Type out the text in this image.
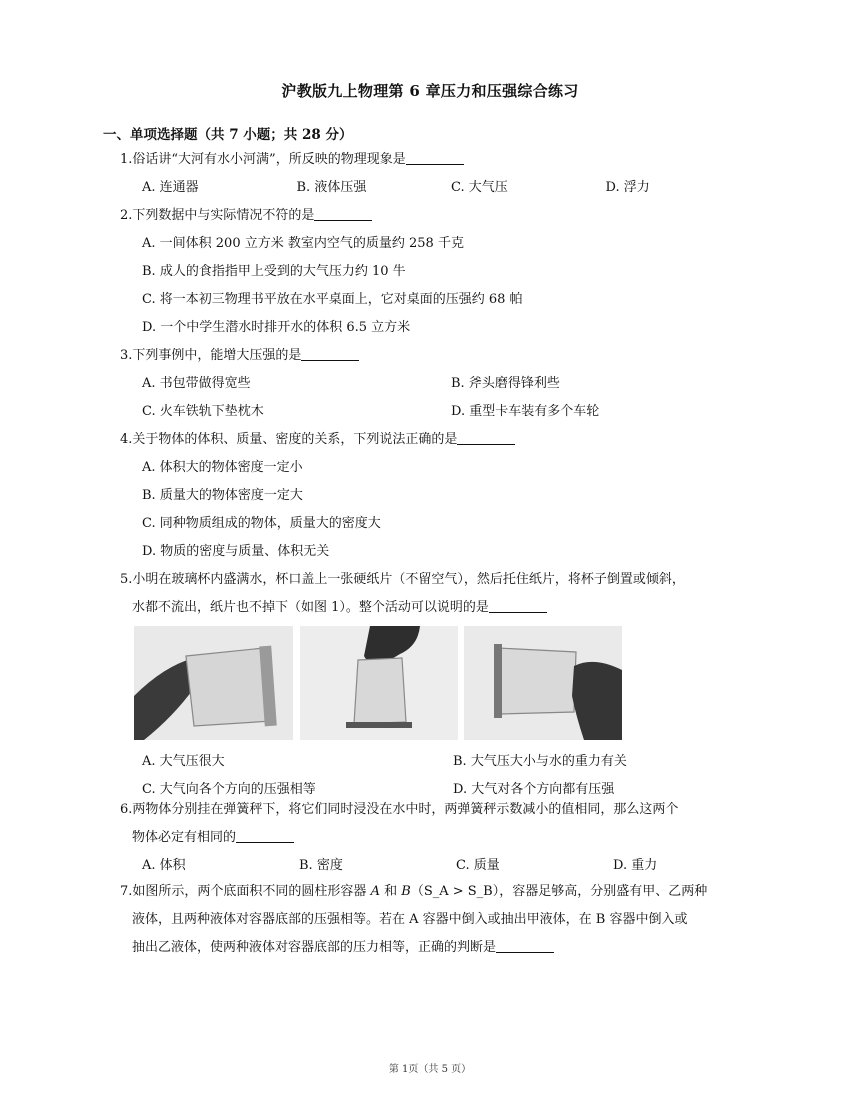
沪教版九上物理第 6 章压力和压强综合练习
一、单项选择题（共 7 小题；共 28 分）
1.俗话讲“大河有水小河满”，所反映的物理现象是
A. 连通器	B. 液体压强	C. 大气压	D. 浮力
2.下列数据中与实际情况不符的是
A. 一间体积 200 立方米 教室内空气的质量约 258 千克
B. 成人的食指指甲上受到的大气压力约 10 牛
C. 将一本初三物理书平放在水平桌面上，它对桌面的压强约 68 帕
D. 一个中学生潜水时排开水的体积 6.5 立方米
3.下列事例中，能增大压强的是
A. 书包带做得宽些	B. 斧头磨得锋利些
C. 火车铁轨下垫枕木	D. 重型卡车装有多个车轮
4.关于物体的体积、质量、密度的关系，下列说法正确的是
A. 体积大的物体密度一定小
B. 质量大的物体密度一定大
C. 同种物质组成的物体，质量大的密度大
D. 物质的密度与质量、体积无关
5.小明在玻璃杯内盛满水，杯口盖上一张硬纸片（不留空气），然后托住纸片，将杯子倒置或倾斜，
水都不流出，纸片也不掉下（如图 1）。整个活动可以说明的是
A. 大气压很大	B. 大气压大小与水的重力有关
C. 大气向各个方向的压强相等	D. 大气对各个方向都有压强
6.两物体分别挂在弹簧秤下，将它们同时浸没在水中时，两弹簧秤示数减小的值相同，那么这两个
物体必定有相同的
A. 体积	B. 密度	C. 质量	D. 重力
7.如图所示，两个底面积不同的圆柱形容器 A 和 B（S_A > S_B），容器足够高，分别盛有甲、乙两种
液体，且两种液体对容器底部的压强相等。若在 A 容器中倒入或抽出甲液体，在 B 容器中倒入或
抽出乙液体，使两种液体对容器底部的压力相等，正确的判断是
第 1页（共 5 页）
